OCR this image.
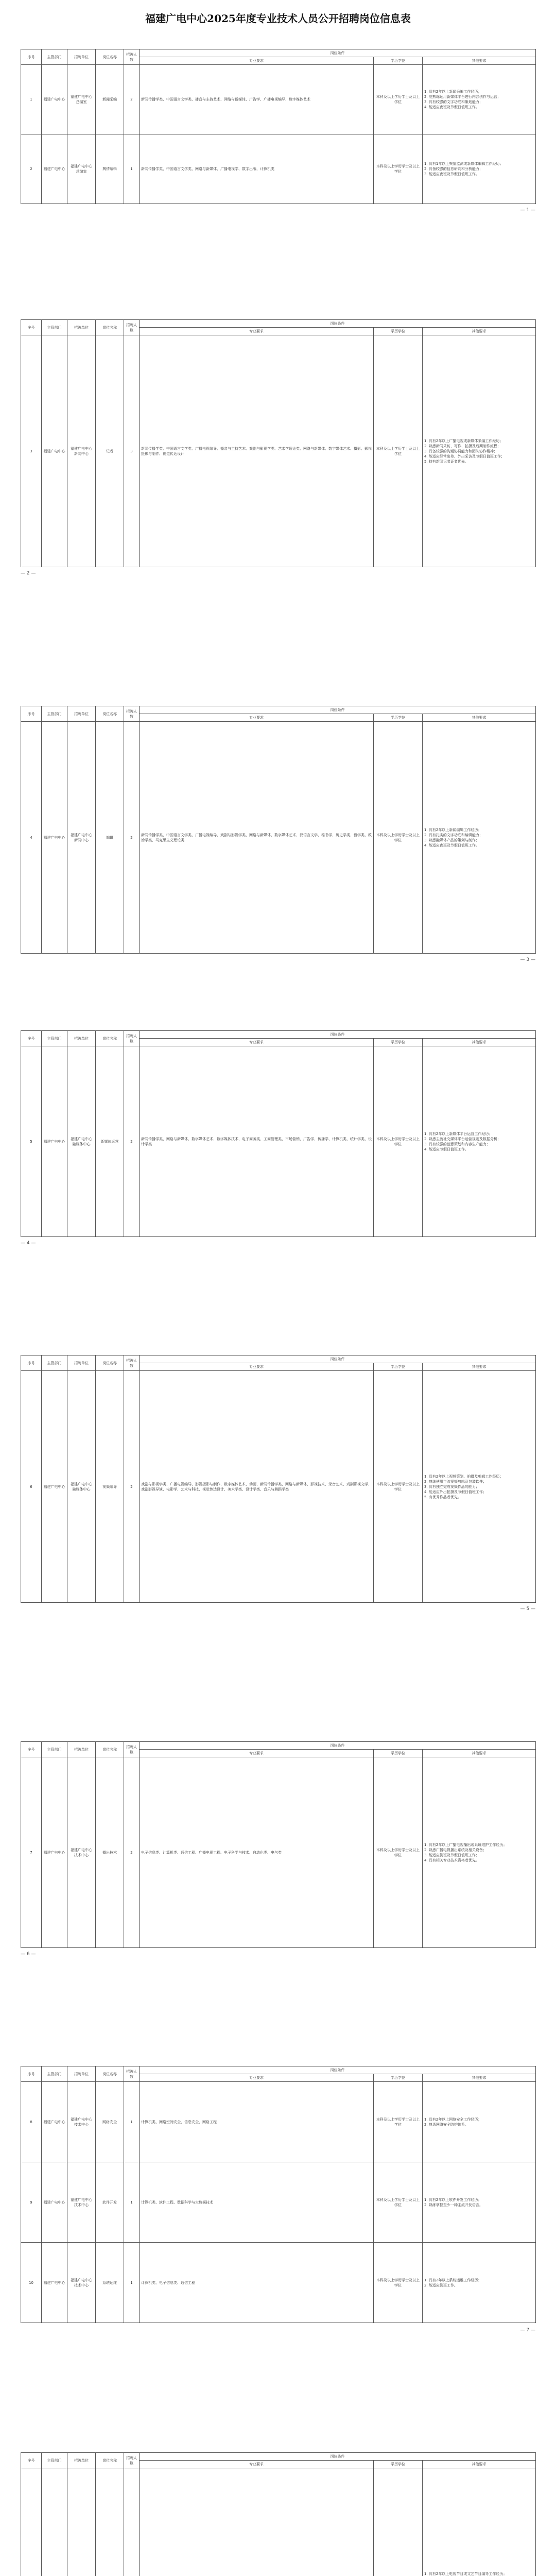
福建广电中心2025年度专业技术人员公开招聘岗位信息表
序号	主管部门	招聘单位	岗位名称	招聘人数	岗位条件		
					专业要求	学历学位	其他要求
1	福建广电中心	福建广电中心总编室	新闻采编	2	新闻传播学类、中国语言文学类、播音与主持艺术、网络与新媒体、广告学、广播电视编导、数字媒体艺术	本科及以上学历学士及以上学位	1. 具有2年以上新闻采编工作经历；
2. 能熟练运用新媒体平台进行内容创作与运营；
3. 具有较强的文字功底和策划能力；
4. 能适应夜班及节假日值班工作。
2	福建广电中心	福建广电中心总编室	舆情编辑	1	新闻传播学类、中国语言文学类、网络与新媒体、广播电视学、数字出版、计算机类	本科及以上学历学士及以上学位	1. 具有1年以上舆情监测或新媒体编辑工作经历；
2. 具备较强的信息研判和分析能力；
3. 能适应夜班及节假日值班工作。
— 1 —
序号	主管部门	招聘单位	岗位名称	招聘人数	岗位条件		
					专业要求	学历学位	其他要求
3	福建广电中心	福建广电中心新闻中心	记者	3	新闻传播学类、中国语言文学类、广播电视编导、播音与主持艺术、戏剧与影视学类、艺术学理论类、网络与新媒体、数字媒体艺术、摄影、影视摄影与制作、视觉传达设计	本科及以上学历学士及以上学位	1. 具有2年以上广播电视或新媒体采编工作经历；
2. 熟悉新闻采访、写作、拍摄及后期制作流程；
3. 具备较强的沟通协调能力和团队协作精神；
4. 能适应经常出差、外出采访及节假日值班工作；
5. 持有新闻记者证者优先。
— 2 —
序号	主管部门	招聘单位	岗位名称	招聘人数	岗位条件		
					专业要求	学历学位	其他要求
4	福建广电中心	福建广电中心新闻中心	编辑	2	新闻传播学类、中国语言文学类、广播电视编导、戏剧与影视学类、网络与新媒体、数字媒体艺术、汉语言文学、秘书学、历史学类、哲学类、政治学类、马克思主义理论类	本科及以上学历学士及以上学位	1. 具有2年以上新闻编辑工作经历；
2. 具有扎实的文字功底和编辑能力；
3. 熟悉融媒体产品的策划与制作；
4. 能适应夜班及节假日值班工作。
— 3 —
序号	主管部门	招聘单位	岗位名称	招聘人数	岗位条件		
					专业要求	学历学位	其他要求
5	福建广电中心	福建广电中心融媒体中心	新媒体运营	2	新闻传播学类、网络与新媒体、数字媒体艺术、数字媒体技术、电子商务类、工商管理类、市场营销、广告学、传播学、计算机类、统计学类、设计学类	本科及以上学历学士及以上学位	1. 具有2年以上新媒体平台运营工作经历；
2. 熟悉主流社交媒体平台运营规则及数据分析；
3. 具有较强的创意策划和内容生产能力；
4. 能适应节假日值班工作。
— 4 —
序号	主管部门	招聘单位	岗位名称	招聘人数	岗位条件		
					专业要求	学历学位	其他要求
6	福建广电中心	福建广电中心融媒体中心	视频编导	2	戏剧与影视学类、广播电视编导、影视摄影与制作、数字媒体艺术、动画、新闻传播学类、网络与新媒体、影视技术、录音艺术、戏剧影视文学、戏剧影视导演、电影学、艺术与科技、视觉传达设计、美术学类、设计学类、音乐与舞蹈学类	本科及以上学历学士及以上学位	1. 具有2年以上视频策划、拍摄及剪辑工作经历；
2. 熟练使用主流视频剪辑及包装软件；
3. 具有独立完成视频作品的能力；
4. 能适应外出拍摄及节假日值班工作；
5. 有优秀作品者优先。
— 5 —
序号	主管部门	招聘单位	岗位名称	招聘人数	岗位条件		
					专业要求	学历学位	其他要求
7	福建广电中心	福建广电中心技术中心	播出技术	2	电子信息类、计算机类、通信工程、广播电视工程、电子科学与技术、自动化类、电气类	本科及以上学历学士及以上学位	1. 具有2年以上广播电视播出或系统维护工作经历；
2. 熟悉广播电视播出系统及相关设备；
3. 能适应倒班及节假日值班工作；
4. 具有相关专业技术资格者优先。
— 6 —
序号	主管部门	招聘单位	岗位名称	招聘人数	岗位条件		
					专业要求	学历学位	其他要求
8	福建广电中心	福建广电中心技术中心	网络安全	1	计算机类、网络空间安全、信息安全、网络工程	本科及以上学历学士及以上学位	1. 具有2年以上网络安全工作经历；
2. 熟悉网络安全防护体系。
9	福建广电中心	福建广电中心技术中心	软件开发	1	计算机类、软件工程、数据科学与大数据技术	本科及以上学历学士及以上学位	1. 具有2年以上软件开发工作经历；
2. 熟练掌握至少一种主流开发语言。
10	福建广电中心	福建广电中心技术中心	系统运维	1	计算机类、电子信息类、通信工程	本科及以上学历学士及以上学位	1. 具有2年以上系统运维工作经历；
2. 能适应倒班工作。
— 7 —
序号	主管部门	招聘单位	岗位名称	招聘人数	岗位条件		
					专业要求	学历学位	其他要求
							1. 具有2年以上电视节目或文艺节目编导工作经历；
